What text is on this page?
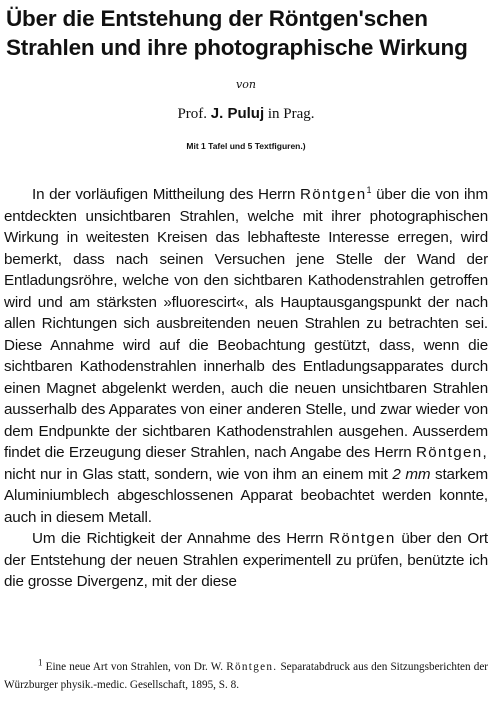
Über die Entstehung der Röntgen'schen
Strahlen und ihre photographische Wirkung
von
Prof. J. Puluj in Prag.
Mit 1 Tafel und 5 Textfiguren.)

In der vorläufigen Mittheilung des Herrn Röntgen$^1$ über die von ihm entdeckten unsichtbaren Strahlen, welche mit ihrer photographischen Wirkung in weitesten Kreisen das lebhafteste Interesse erregen, wird bemerkt, dass nach seinen Versuchen jene Stelle der Wand der Entladungsröhre, welche von den sichtbaren Kathodenstrahlen getroffen wird und am stärksten »fluorescirt«, als Hauptausgangspunkt der nach allen Richtungen sich ausbreitenden neuen Strahlen zu betrachten sei. Diese Annahme wird auf die Beobachtung gestützt, dass, wenn die sichtbaren Kathodenstrahlen innerhalb des Entladungsapparates durch einen Magnet abgelenkt werden, auch die neuen unsichtbaren Strahlen ausserhalb des Apparates von einer anderen Stelle, und zwar wieder von dem Endpunkte der sichtbaren Kathodenstrahlen ausgehen. Ausserdem findet die Erzeugung dieser Strahlen, nach Angabe des Herrn Röntgen, nicht nur in Glas statt, sondern, wie von ihm an einem mit 2 mm starkem Aluminiumblech abgeschlossenen Apparat beobachtet werden konnte, auch in diesem Metall.

Um die Richtigkeit der Annahme des Herrn Röntgen über den Ort der Entstehung der neuen Strahlen experimentell zu prüfen, benützte ich die grosse Divergenz, mit der diese

$^1$ Eine neue Art von Strahlen, von Dr. W. Röntgen. Separatabdruck aus den Sitzungsberichten der Würzburger physik.-medic. Gesellschaft, 1895, S. 8.
